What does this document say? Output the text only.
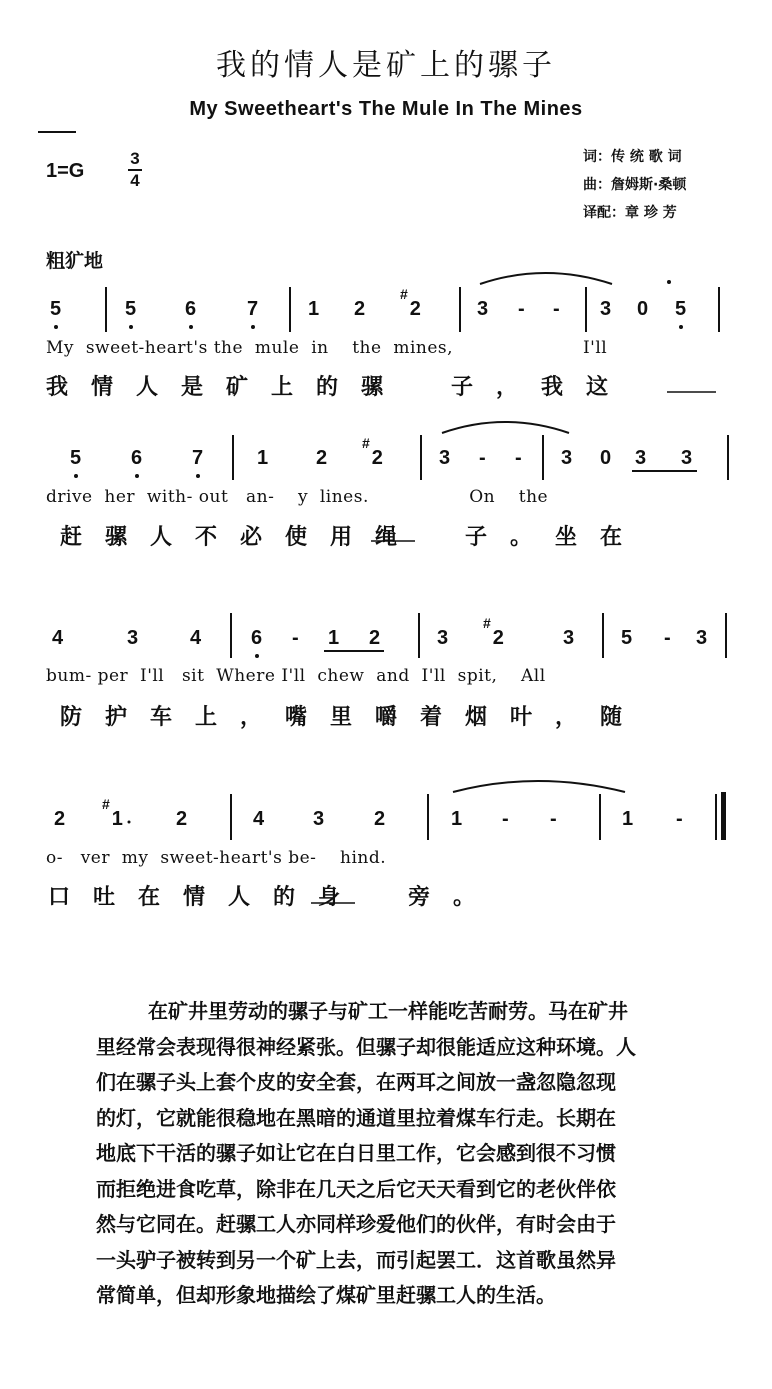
我的情人是矿上的骡子
My Sweetheart's The Mule In The Mines
1=G
3
4
词：传 统 歌 词
曲：詹姆斯·桑顿
译配：章 珍 芳
粗犷地
5	5 6	7 1 2
#2	3 - - 3 0 5
My  sweet-heart's the  mule  in    the  mines,                      I'll
我情人是矿上的骡　子，我这
5 6 7	1 2
#2	3 - - 3 0 3 3
drive  her  with- out   an-    y  lines.                 On    the
赶骡人不必使用绳　子。坐在
4	3	4 6 - 1 2	3
#2	3 5 - 3
bum- per  I'll   sit  Where I'll  chew  and  I'll  spit,    All
防护车上，嘴里嚼着烟叶，随
2
#1	2	4 3 2	1 - -	1 -
o-   ver  my  sweet-heart's be-    hind.
口吐在情人的身　旁。
在矿井里劳动的骡子与矿工一样能吃苦耐劳。马在矿井
里经常会表现得很神经紧张。但骡子却很能适应这种环境。人
们在骡子头上套个皮的安全套，在两耳之间放一盏忽隐忽现
的灯，它就能很稳地在黑暗的通道里拉着煤车行走。长期在
地底下干活的骡子如让它在白日里工作，它会感到很不习惯
而拒绝进食吃草，除非在几天之后它天天看到它的老伙伴依
然与它同在。赶骡工人亦同样珍爱他们的伙伴，有时会由于
一头驴子被转到另一个矿上去，而引起罢工．这首歌虽然异
常简单，但却形象地描绘了煤矿里赶骡工人的生活。
